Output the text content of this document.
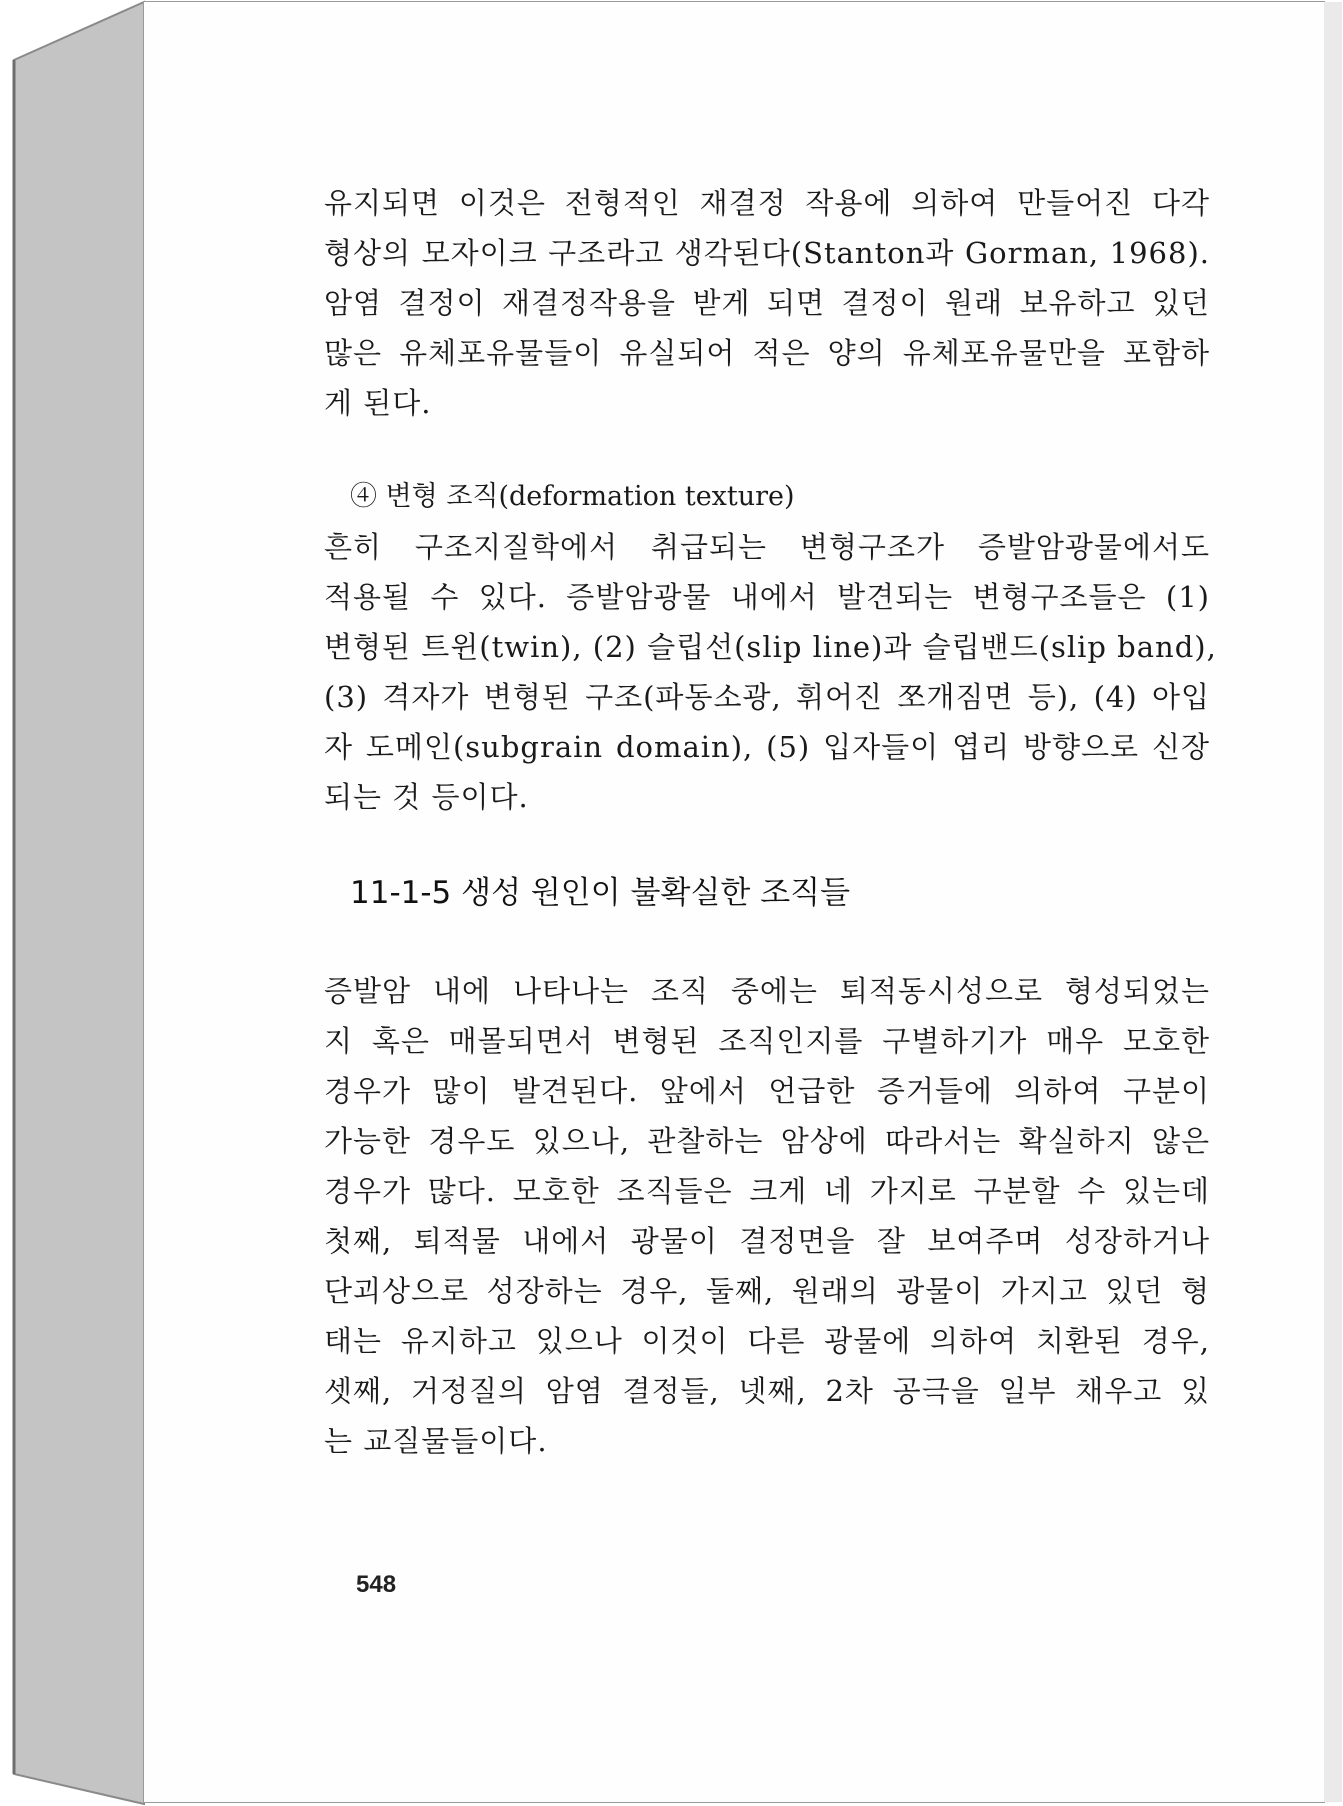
유지되면 이것은 전형적인 재결정 작용에 의하여 만들어진 다각

형상의 모자이크 구조라고 생각된다(Stanton과 Gorman, 1968).

암염 결정이 재결정작용을 받게 되면 결정이 원래 보유하고 있던

많은 유체포유물들이 유실되어 적은 양의 유체포유물만을 포함하

게 된다.

④ 변형 조직(deformation texture)

흔히 구조지질학에서 취급되는 변형구조가 증발암광물에서도

적용될 수 있다. 증발암광물 내에서 발견되는 변형구조들은 (1)

변형된 트윈(twin), (2) 슬립선(slip line)과 슬립밴드(slip band),

(3) 격자가 변형된 구조(파동소광, 휘어진 쪼개짐면 등), (4) 아입

자 도메인(subgrain domain), (5) 입자들이 엽리 방향으로 신장

되는 것 등이다.

11-1-5 생성 원인이 불확실한 조직들

증발암 내에 나타나는 조직 중에는 퇴적동시성으로 형성되었는

지 혹은 매몰되면서 변형된 조직인지를 구별하기가 매우 모호한

경우가 많이 발견된다. 앞에서 언급한 증거들에 의하여 구분이

가능한 경우도 있으나, 관찰하는 암상에 따라서는 확실하지 않은

경우가 많다. 모호한 조직들은 크게 네 가지로 구분할 수 있는데

첫째, 퇴적물 내에서 광물이 결정면을 잘 보여주며 성장하거나

단괴상으로 성장하는 경우, 둘째, 원래의 광물이 가지고 있던 형

태는 유지하고 있으나 이것이 다른 광물에 의하여 치환된 경우,

셋째, 거정질의 암염 결정들, 넷째, 2차 공극을 일부 채우고 있

는 교질물들이다.

548
